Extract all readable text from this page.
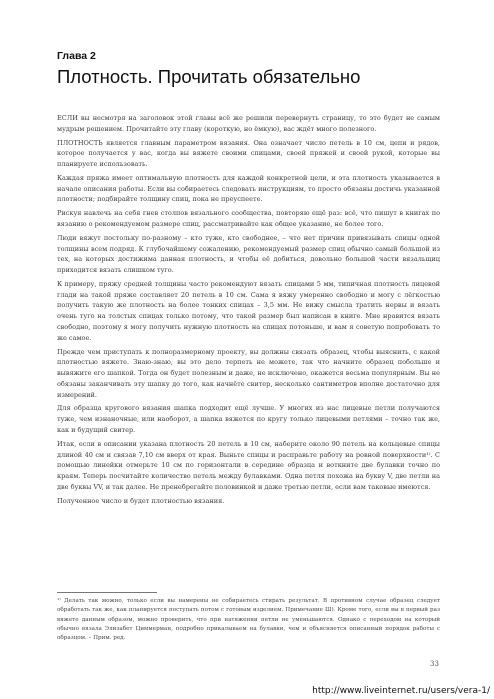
Глава 2
Плотность. Прочитать обязательно

ЕСЛИ вы несмотря на заголовок этой главы всё же решили перевернуть страницу, то это будет не самым мудрым решением. Прочитайте эту главу (короткую, но ёмкую), вас ждёт много полезного.

ПЛОТНОСТЬ является главным параметром вязания. Она означает число петель в 10 см, цепи и рядов, которое получается у вас, когда вы вяжете своими спицами, своей пряжей и своей рукой, которые вы планируете использовать.

Каждая пряжа имеет оптимальную плотность для каждой конкретной цели, и эта плотность указывается в начале описания работы. Если вы собираетесь следовать инструкциям, то просто обязаны достичь указанной плотности; подбирайте толщину спиц, пока не преуспеете.

Рискуя навлечь на себя гнев столпов вязального сообщества, повторяю ещё раз: всё, что пишут в книгах по вязанию о рекомендуемом размере спиц, рассматривайте как общее указание, не более того.

Люди вяжут постольку по-разному – кто туже, кто свободнее, – что нет причин привязывать спицы одной толщины всем подряд. К глубочайшему сожалению, рекомендуемый размер спиц обычно самый большой из тех, на которых достижима данная плотность, и чтобы её добиться, довольно большой части вязальщиц приходится вязать слишком туго.

К примеру, пряжу средней толщины часто рекомендуют вязать спицами 5 мм, типичная плотность лицевой глади на такой пряже составляет 20 петель в 10 см. Сама я вяжу умеренно свободно и могу с лёгкостью получить такую же плотность на более тонких спицах – 3,5 мм. Не вижу смысла тратить нервы и вязать очень туго на толстых спицах только потому, что такой размер был написан в книге. Мне нравится вязать свободно, поэтому я могу получить нужную плотность на спицах потоньше, и вам я советую попробовать то же самое.

Прежде чем приступать к полноразмерному проекту, вы должны связать образец, чтобы выяснить, с какой плотностью вяжете. Знаю-знаю, вы это дело терпеть не можете, так что начните образец побольше и вывяжите его шапкой. Тогда он будет полезным и даже, не исключено, окажется весьма популярным. Вы не обязаны заканчивать эту шапку до того, как начнёте свитер, несколько сантиметров вполне достаточно для измерений.

Для образца кругового вязания шапка подходит ещё лучше. У многих из нас лицевые петли получаются туже, чем изнаночные, или наоборот, а шапка вяжется по кругу только лицевыми петлями – точно так же, как и будущий свитер.

Итак, если в описании указана плотность 20 петель в 10 см, наберите около 90 петель на кольцевые спицы длиной 40 см и связав 7,10 см вверх от края. Выньте спицы и расправьте работу на ровной поверхности¹⁾. С помощью линейки отмерьте 10 см по горизонтали в середине образца и воткните две булавки точно по краям. Теперь посчитайте количество петель между булавками. Одна петля похожа на букву V, две петли на две буквы VV, и так далее. Не пренебрегайте половинкой и даже третью петли, если вам таковые имеются.

Полученное число и будет плотностью вязания.

¹⁾ Делать так можно, только если вы намерены не собираетесь стирать результат. В противном случае образец следует обработать так же, как планируется поступать потом с готовым изделием. Примечание Ш). Кроме того, если вы в первый раз вяжете данным образом, можно проверить, что при натяжении петли не уменьшаются. Однако с переходом на который обычно вязала Элизабет Циммерман, подробно прикалываем на булавки, чем и объясняется описанный порядок работы с образцом. – Прим. ред.

33
http://www.liveinternet.ru/users/vera-1/
